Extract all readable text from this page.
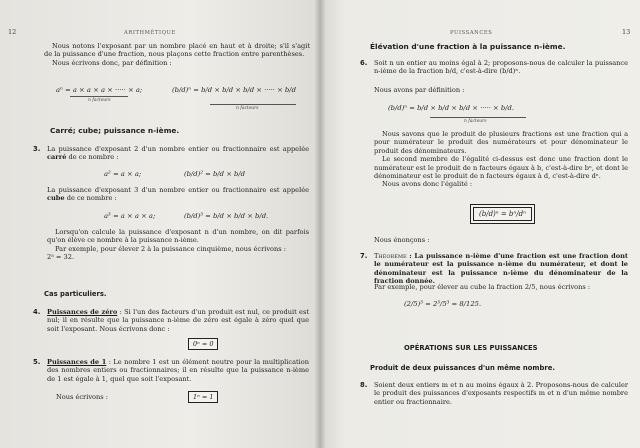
12	ARITHMÉTIQUE

Nous notons l'exposant par un nombre placé en haut et à droite; s'il s'agit de la puissance d'une fraction, nous plaçons cette fraction entre parenthèses.

Nous écrivons donc, par définition :

aⁿ = a × a × a × ····· × a;
n facteurs
(b/d)ⁿ = b/d × b/d × b/d × ····· × b/d
n facteurs
Carré; cube; puissance n-ième.
3. La puissance d'exposant 2 d'un nombre entier ou fractionnaire est appelée carré de ce nombre :
a² = a × a;	(b/d)² = b/d × b/d
La puissance d'exposant 3 d'un nombre entier ou fractionnaire est appelée cube de ce nombre :
a³ = a × a × a;	(b/d)³ = b/d × b/d × b/d.

Lorsqu'on calcule la puissance d'exposant n d'un nombre, on dit parfois qu'on élève ce nombre à la puissance n-ième.

Par exemple, pour élever 2 à la puissance cinquième, nous écrivons :

2⁵ = 32.

Cas particuliers.
4. Puissances de zéro : Si l'un des facteurs d'un produit est nul, ce produit est nul; il en résulte que la puissance n-ième de zéro est égale à zéro quel que soit l'exposant. Nous écrivons donc :
0ⁿ = 0
5. Puissances de 1 : Le nombre 1 est un élément neutre pour la multiplication des nombres entiers ou fractionnaires; il en résulte que la puissance n-ième de 1 est égale à 1, quel que soit l'exposant.
Nous écrivons :	1ⁿ = 1
PUISSANCES	13
Élévation d'une fraction à la puissance n-ième.
6. Soit n un entier au moins égal à 2; proposons-nous de calculer la puissance n-ième de la fraction b/d, c'est-à-dire (b/d)ⁿ.
Nous avons par définition :
(b/d)ⁿ = b/d × b/d × b/d × ····· × b/d.
n facteurs

Nous savons que le produit de plusieurs fractions est une fraction qui a pour numérateur le produit des numérateurs et pour dénominateur le produit des dénominateurs.

Le second membre de l'égalité ci-dessus est donc une fraction dont le numérateur est le produit de n facteurs égaux à b, c'est-à-dire bⁿ, et dont le dénominateur est le produit de n facteurs égaux à d, c'est-à-dire dⁿ.

Nous avons donc l'égalité :

(b/d)ⁿ = bⁿ/dⁿ
Nous énonçons :
7. Théorème : La puissance n-ième d'une fraction est une fraction dont le numérateur est la puissance n-ième du numérateur, et dont le dénominateur est la puissance n-ième du dénominateur de la fraction donnée.
Par exemple, pour élever au cube la fraction 2/5, nous écrivons :
(2/5)³ = 2³/5³ = 8/125.
OPÉRATIONS SUR LES PUISSANCES
Produit de deux puissances d'un même nombre.
8. Soient deux entiers m et n au moins égaux à 2. Proposons-nous de calculer le produit des puissances d'exposants respectifs m et n d'un même nombre entier ou fractionnaire.
